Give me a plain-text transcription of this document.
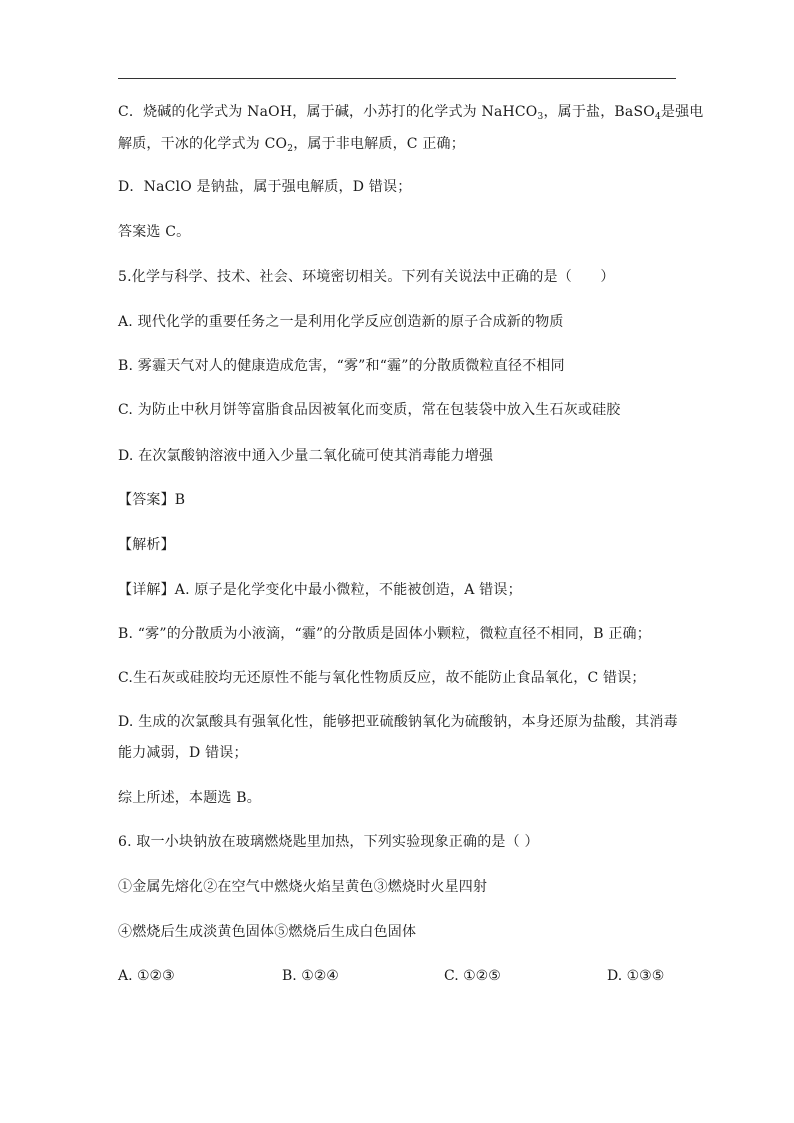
C．烧碱的化学式为 NaOH，属于碱，小苏打的化学式为 NaHCO$_3$，属于盐，BaSO$_4$是强电
解质，干冰的化学式为 $CO_2$，属于非电解质，C 正确；
D．NaClO 是钠盐，属于强电解质，D 错误；
答案选 C。
5.化学与科学、技术、社会、环境密切相关。下列有关说法中正确的是（　　）
A. 现代化学的重要任务之一是利用化学反应创造新的原子合成新的物质
B. 雾霾天气对人的健康造成危害，“雾”和“霾”的分散质微粒直径不相同
C. 为防止中秋月饼等富脂食品因被氧化而变质，常在包装袋中放入生石灰或硅胶
D. 在次氯酸钠溶液中通入少量二氧化硫可使其消毒能力增强
【答案】B
【解析】
【详解】A. 原子是化学变化中最小微粒，不能被创造，A 错误；
B. “雾”的分散质为小液滴，“霾”的分散质是固体小颗粒，微粒直径不相同，B 正确；
C.生石灰或硅胶均无还原性不能与氧化性物质反应，故不能防止食品氧化，C 错误；
D. 生成的次氯酸具有强氧化性，能够把亚硫酸钠氧化为硫酸钠，本身还原为盐酸，其消毒
能力减弱，D 错误；
综上所述，本题选 B。
6. 取一小块钠放在玻璃燃烧匙里加热，下列实验现象正确的是（ ）
①金属先熔化②在空气中燃烧火焰呈黄色③燃烧时火星四射
④燃烧后生成淡黄色固体⑤燃烧后生成白色固体
A. ①②③	B. ①②④	C. ①②⑤	D. ①③⑤
